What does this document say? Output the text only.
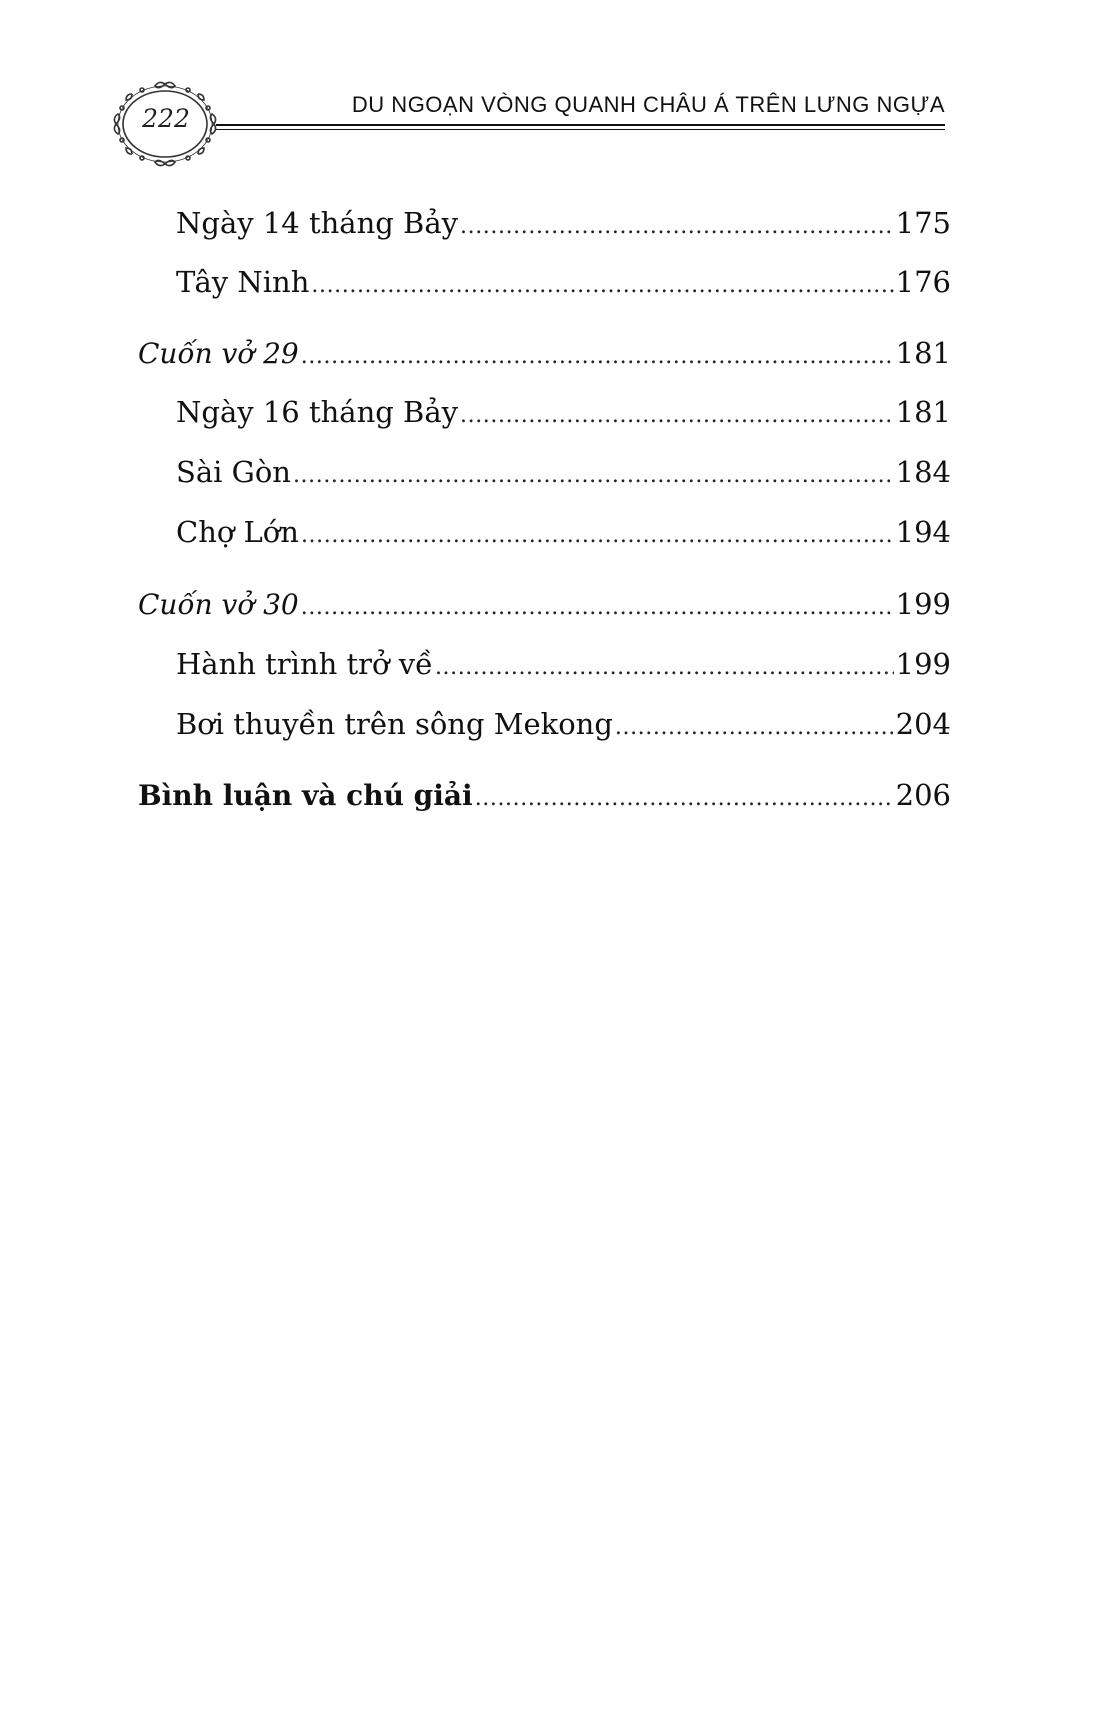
222	DU NGOẠN VÒNG QUANH CHÂU Á TRÊN LƯNG NGỰA
Ngày 14 tháng Bảy .....	175
Tây Ninh .....	176
Cuốn vở 29 .....	181
Ngày 16 tháng Bảy .....	181
Sài Gòn .....	184
Chợ Lớn .....	194
Cuốn vở 30 .....	199
Hành trình trở về .....	199
Bơi thuyền trên sông Mekong .....	204
Bình luận và chú giải .....	206
